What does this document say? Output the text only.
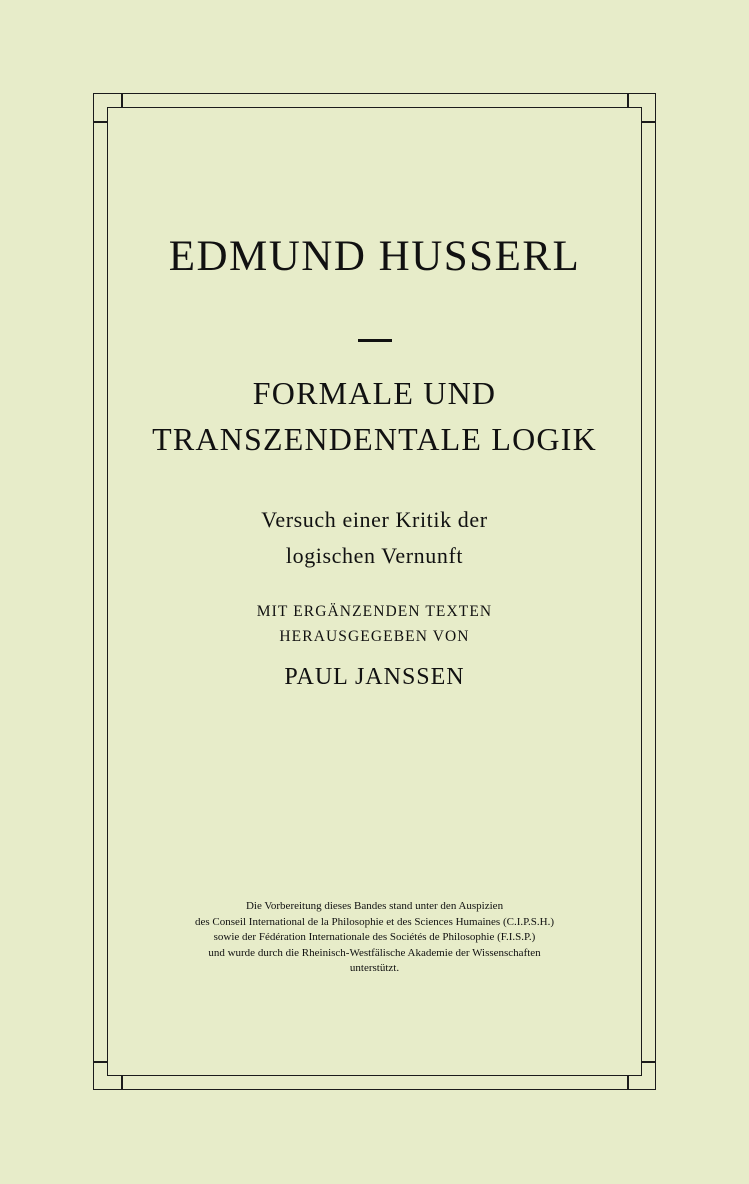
EDMUND HUSSERL
FORMALE UND
TRANSZENDENTALE LOGIK
Versuch einer Kritik der
logischen Vernunft
MIT ERGÄNZENDEN TEXTEN
HERAUSGEGEBEN VON
PAUL JANSSEN
Die Vorbereitung dieses Bandes stand unter den Auspizien
des Conseil International de la Philosophie et des Sciences Humaines (C.I.P.S.H.)
sowie der Fédération Internationale des Sociétés de Philosophie (F.I.S.P.)
und wurde durch die Rheinisch-Westfälische Akademie der Wissenschaften
unterstützt.
